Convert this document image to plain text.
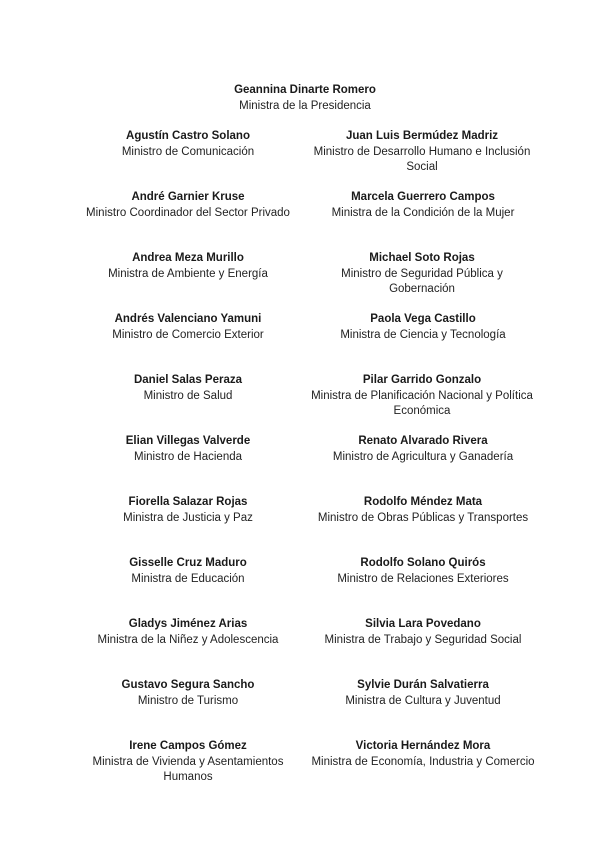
Geannina Dinarte Romero
Ministra de la Presidencia
Agustín Castro Solano
Ministro de Comunicación
André Garnier Kruse
Ministro Coordinador del Sector Privado
Andrea Meza Murillo
Ministra de Ambiente y Energía
Andrés Valenciano Yamuni
Ministro de Comercio Exterior
Daniel Salas Peraza
Ministro de Salud
Elian Villegas Valverde
Ministro de Hacienda
Fiorella Salazar Rojas
Ministra de Justicia y Paz
Gisselle Cruz Maduro
Ministra de Educación
Gladys Jiménez Arias
Ministra de la Niñez y Adolescencia
Gustavo Segura Sancho
Ministro de Turismo
Irene Campos Gómez
Ministra de Vivienda y Asentamientos Humanos
Juan Luis Bermúdez Madriz
Ministro de Desarrollo Humano e Inclusión Social
Marcela Guerrero Campos
Ministra de la Condición de la Mujer
Michael Soto Rojas
Ministro de Seguridad Pública y Gobernación
Paola Vega Castillo
Ministra de Ciencia y Tecnología
Pilar Garrido Gonzalo
Ministra de Planificación Nacional y Política Económica
Renato Alvarado Rivera
Ministro de Agricultura y Ganadería
Rodolfo Méndez Mata
Ministro de Obras Públicas y Transportes
Rodolfo Solano Quirós
Ministro de Relaciones Exteriores
Silvia Lara Povedano
Ministra de Trabajo y Seguridad Social
Sylvie Durán Salvatierra
Ministra de Cultura y Juventud
Victoria Hernández Mora
Ministra de Economía, Industria y Comercio
